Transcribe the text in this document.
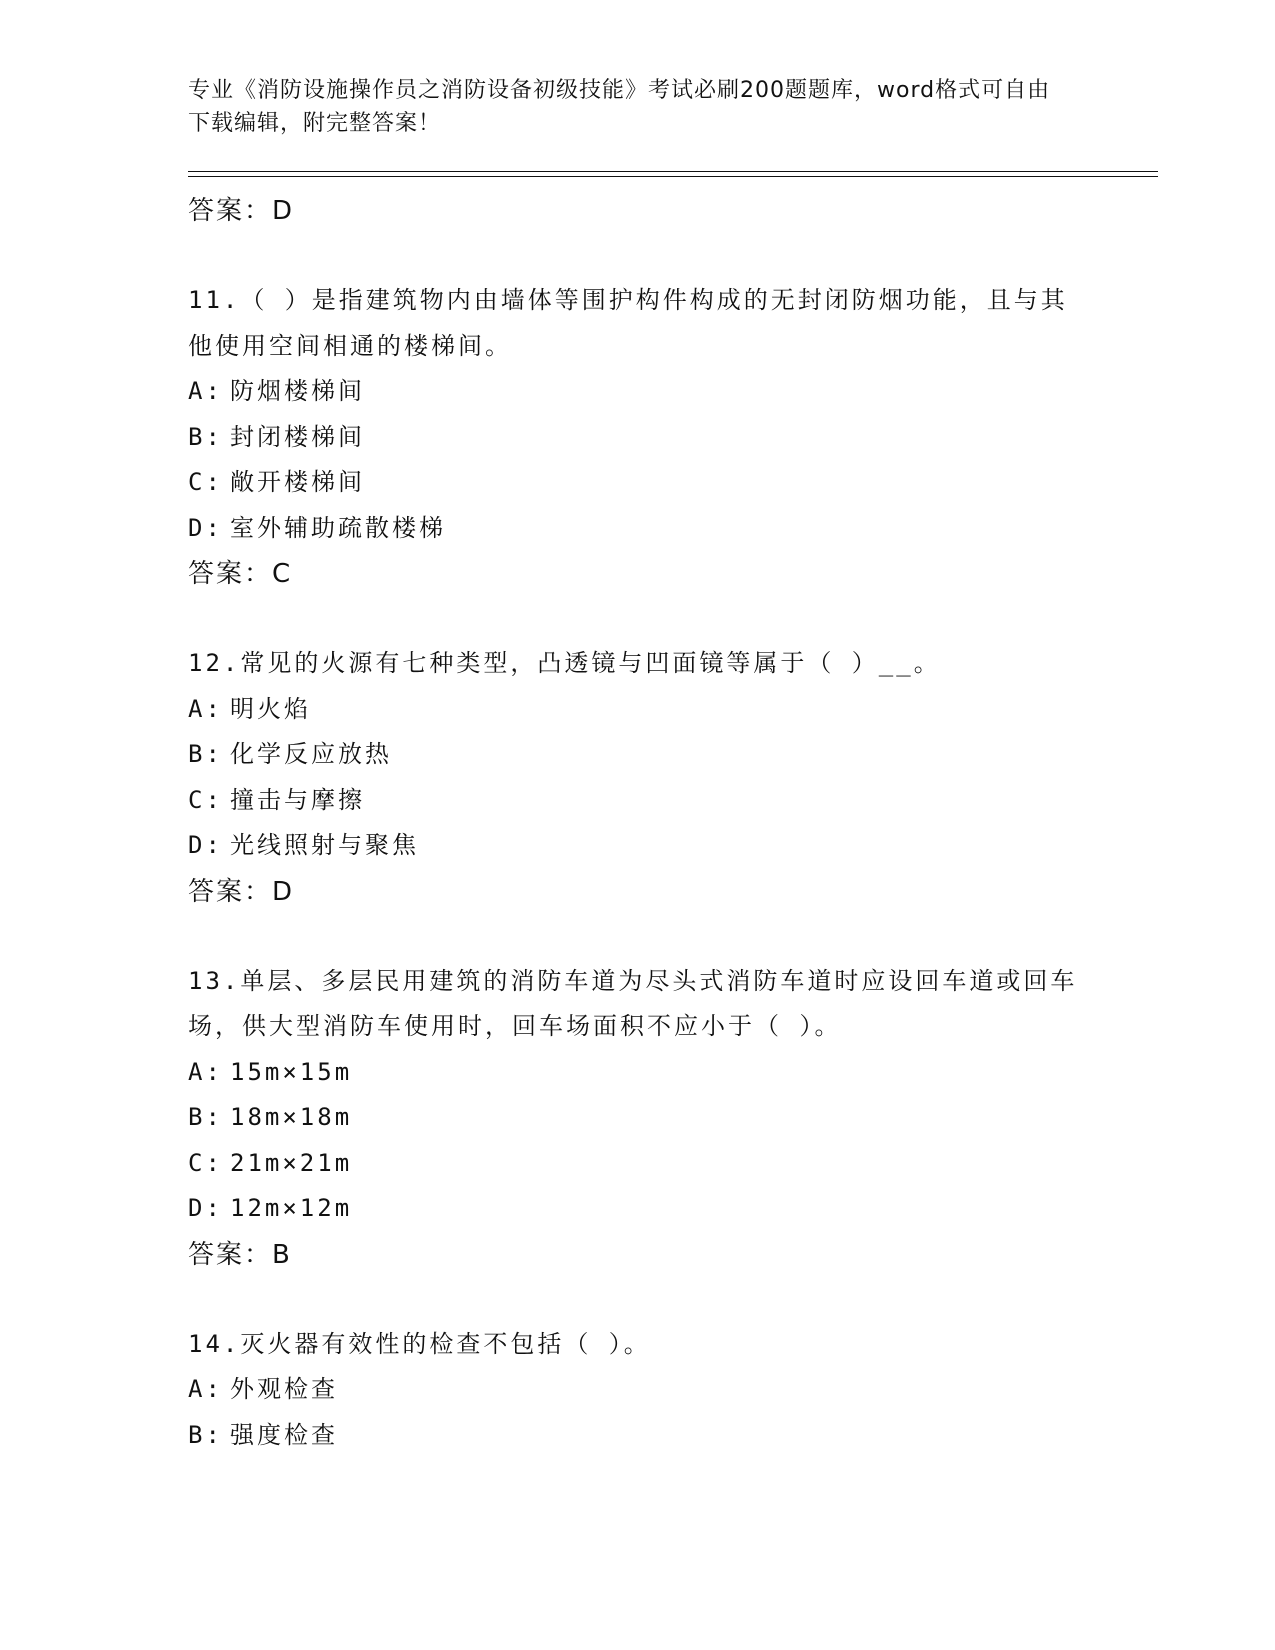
专业《消防设施操作员之消防设备初级技能》考试必刷200题题库，word格式可自由下载编辑，附完整答案！
答案：D
11.（ ）是指建筑物内由墙体等围护构件构成的无封闭防烟功能，且与其他使用空间相通的楼梯间。
A: 防烟楼梯间
B: 封闭楼梯间
C: 敞开楼梯间
D: 室外辅助疏散楼梯
答案：C
12.常见的火源有七种类型，凸透镜与凹面镜等属于（ ）__。
A: 明火焰
B: 化学反应放热
C: 撞击与摩擦
D: 光线照射与聚焦
答案：D
13.单层、多层民用建筑的消防车道为尽头式消防车道时应设回车道或回车场，供大型消防车使用时，回车场面积不应小于（ ）。
A: 15m×15m
B: 18m×18m
C: 21m×21m
D: 12m×12m
答案：B
14.灭火器有效性的检查不包括（ ）。
A: 外观检查
B: 强度检查
